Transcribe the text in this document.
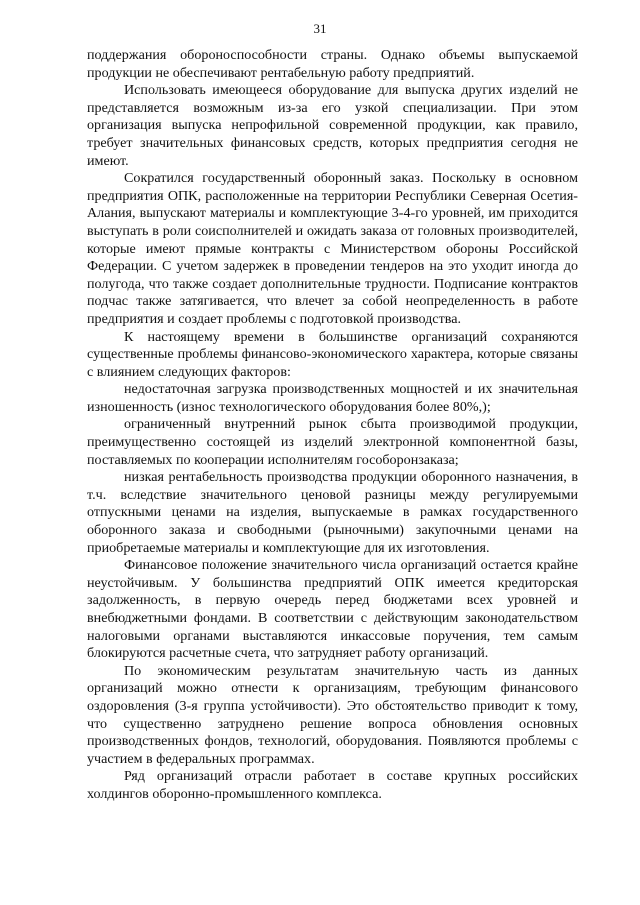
31

поддержания обороноспособности страны. Однако объемы выпускаемой продукции не обеспечивают рентабельную работу предприятий.

Использовать имеющееся оборудование для выпуска других изделий не представляется возможным из-за его узкой специализации. При этом организация выпуска непрофильной современной продукции, как правило, требует значительных финансовых средств, которых предприятия сегодня не имеют.

Сократился государственный оборонный заказ. Поскольку в основном предприятия ОПК, расположенные на территории Республики Северная Осетия-Алания, выпускают материалы и комплектующие 3-4-го уровней, им приходится выступать в роли соисполнителей и ожидать заказа от головных производителей, которые имеют прямые контракты с Министерством обороны Российской Федерации. С учетом задержек в проведении тендеров на это уходит иногда до полугода, что также создает дополнительные трудности. Подписание контрактов подчас также затягивается, что влечет за собой неопределенность в работе предприятия и создает проблемы с подготовкой производства.

К настоящему времени в большинстве организаций сохраняются существенные проблемы финансово-экономического характера, которые связаны с влиянием следующих факторов:

недостаточная загрузка производственных мощностей и их значительная изношенность (износ технологического оборудования более 80%,);

ограниченный внутренний рынок сбыта производимой продукции, преимущественно состоящей из изделий электронной компонентной базы, поставляемых по кооперации исполнителям гособоронзаказа;

низкая рентабельность производства продукции оборонного назначения, в т.ч. вследствие значительного ценовой разницы между регулируемыми отпускными ценами на изделия, выпускаемые в рамках государственного оборонного заказа и свободными (рыночными) закупочными ценами на приобретаемые материалы и комплектующие для их изготовления.

Финансовое положение значительного числа организаций остается крайне неустойчивым. У большинства предприятий ОПК имеется кредиторская задолженность, в первую очередь перед бюджетами всех уровней и внебюджетными фондами. В соответствии с действующим законодательством налоговыми органами выставляются инкассовые поручения, тем самым блокируются расчетные счета, что затрудняет работу организаций.

По экономическим результатам значительную часть из данных организаций можно отнести к организациям, требующим финансового оздоровления (3-я группа устойчивости). Это обстоятельство приводит к тому, что существенно затруднено решение вопроса обновления основных производственных фондов, технологий, оборудования. Появляются проблемы с участием в федеральных программах.

Ряд организаций отрасли работает в составе крупных российских холдингов оборонно-промышленного комплекса.
